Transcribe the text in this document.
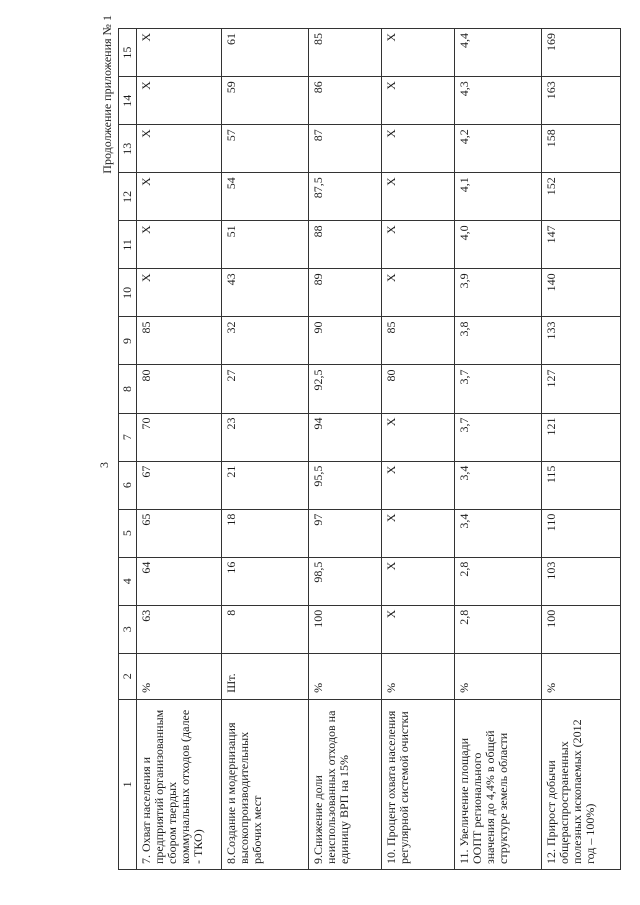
3
Продолжение приложения № 1
1	2	3	4	5	6	7	8	9	10	11	12	13	14	15
7. Охват населения и предприятий организованным сбором твердых коммунальных отходов (далее - ТКО)	%	63	64	65	67	70	80	85	X	X	X	X	X	X
8.Создание и модернизация высокопроизводительных рабочих мест	Шт.	8	16	18	21	23	27	32	43	51	54	57	59	61
9.Снижение доли неиспользованных отходов на единицу ВРП на 15%	%	100	98,5	97	95,5	94	92,5	90	89	88	87,5	87	86	85
10. Процент охвата населения регулярной системой очистки	%	X	X	X	X	X	80	85	X	X	X	X	X	X
11. Увеличение площади ООПТ регионального значения до 4,4% в общей структуре земель области	%	2,8	2,8	3,4	3,4	3,7	3,7	3,8	3,9	4,0	4,1	4,2	4,3	4,4
12. Прирост добычи общераспространенных полезных ископаемых (2012 год – 100%)	%	100	103	110	115	121	127	133	140	147	152	158	163	169
